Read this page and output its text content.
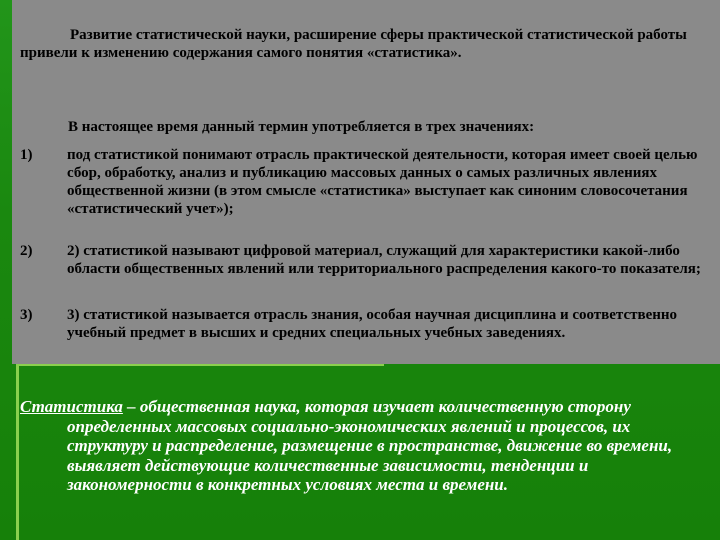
Развитие статистической науки, расширение сферы практической статистической работы привели к изменению содержания самого понятия «статистика».

В настоящее время данный термин употребляется в трех значениях:

1) под статистикой понимают отрасль практической деятельности, которая имеет своей целью сбор, обработку, анализ и публикацию массовых данных о самых различных явлениях общественной жизни (в этом смысле «статистика» выступает как синоним словосочетания «статистический учет»);

2) 2) статистикой называют цифровой материал, служащий для характеристики какой-либо области общественных явлений или территориального распределения какого-то показателя;

3) 3) статистикой называется отрасль знания, особая научная дисциплина и соответственно учебный предмет в высших и средних специальных учебных заведениях.

Статистика – общественная наука, которая изучает количественную сторону определенных массовых социально-экономических явлений и процессов, их структуру и распределение, размещение в пространстве, движение во времени, выявляет действующие количественные зависимости, тенденции и закономерности в конкретных условиях места и времени.
